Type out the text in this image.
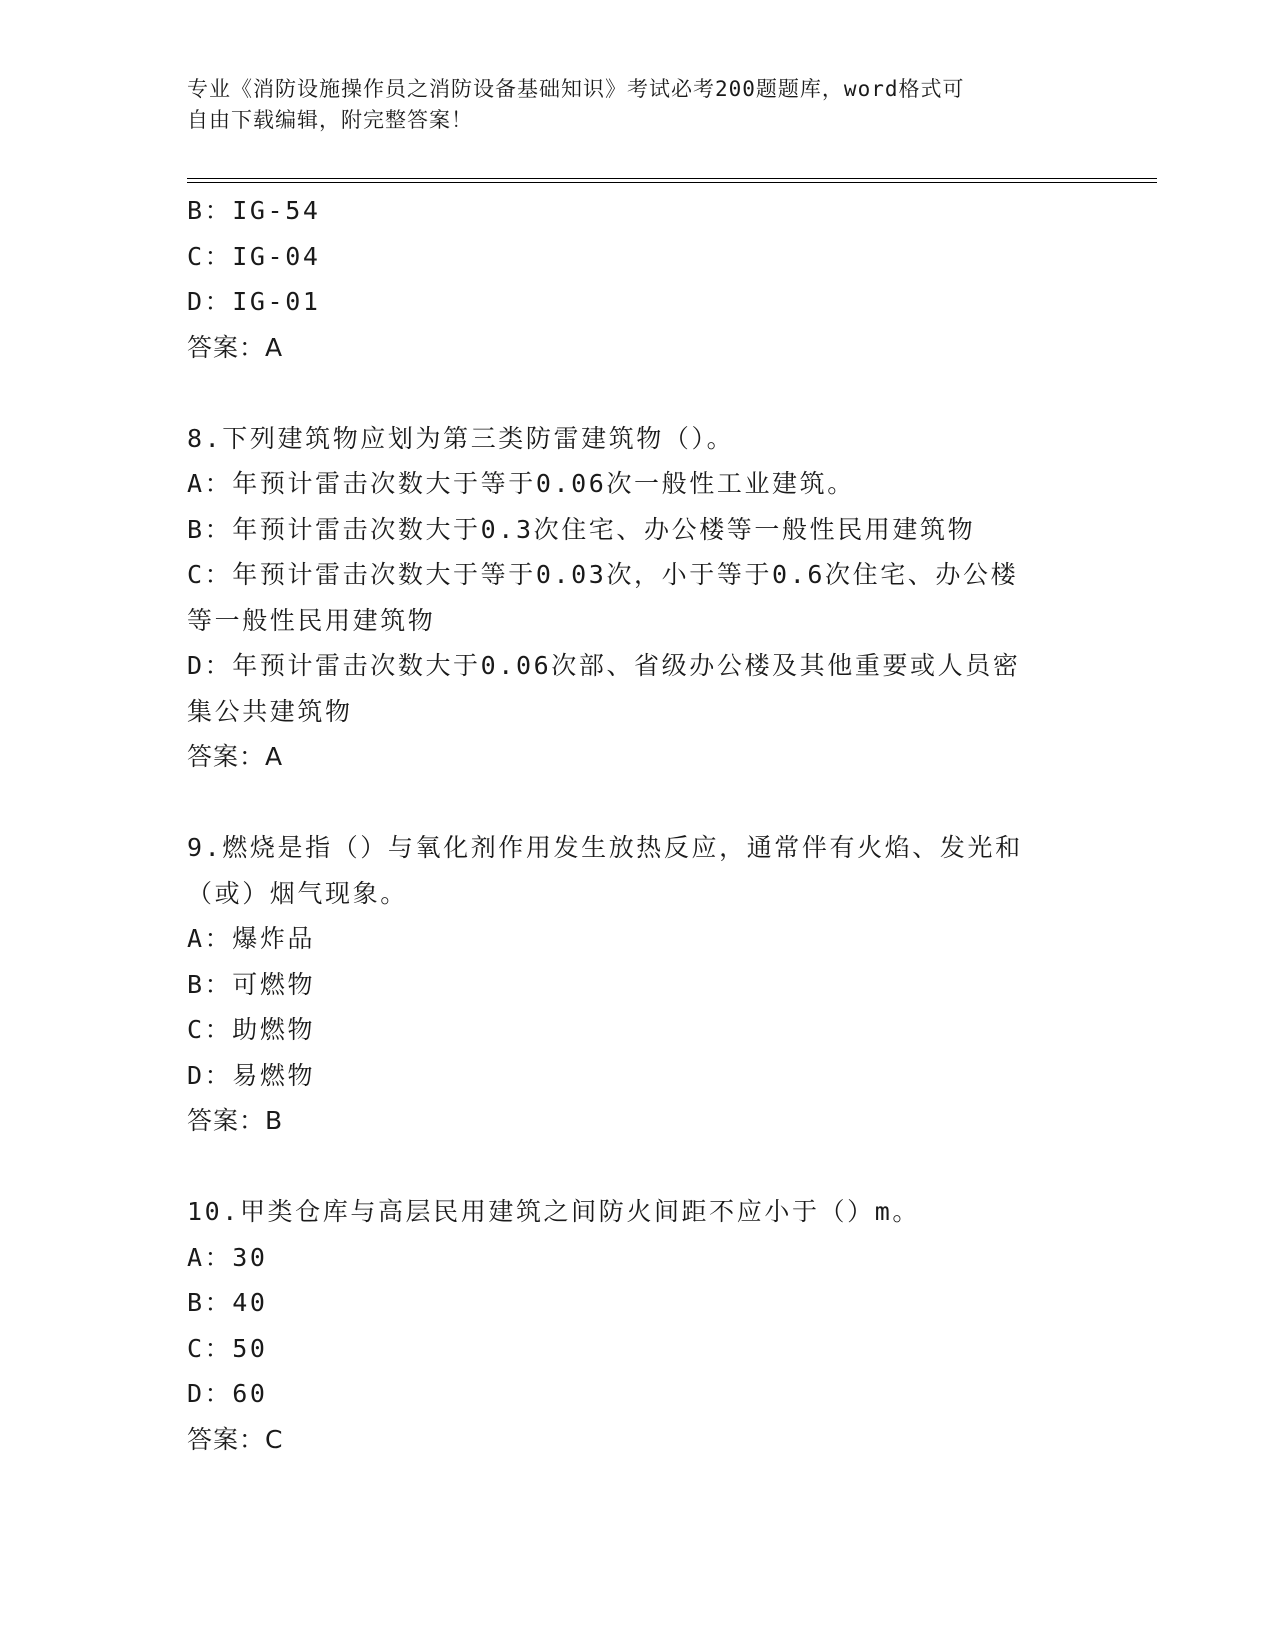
专业《消防设施操作员之消防设备基础知识》考试必考200题题库，word格式可
自由下载编辑，附完整答案！
B：IG-54
C：IG-04
D：IG-01
答案：A
8.下列建筑物应划为第三类防雷建筑物（）。
A：年预计雷击次数大于等于0.06次一般性工业建筑。
B：年预计雷击次数大于0.3次住宅、办公楼等一般性民用建筑物
C：年预计雷击次数大于等于0.03次，小于等于0.6次住宅、办公楼
等一般性民用建筑物
D：年预计雷击次数大于0.06次部、省级办公楼及其他重要或人员密
集公共建筑物
答案：A
9.燃烧是指（）与氧化剂作用发生放热反应，通常伴有火焰、发光和
（或）烟气现象。
A：爆炸品
B：可燃物
C：助燃物
D：易燃物
答案：B
10.甲类仓库与高层民用建筑之间防火间距不应小于（）m。
A：30
B：40
C：50
D：60
答案：C
